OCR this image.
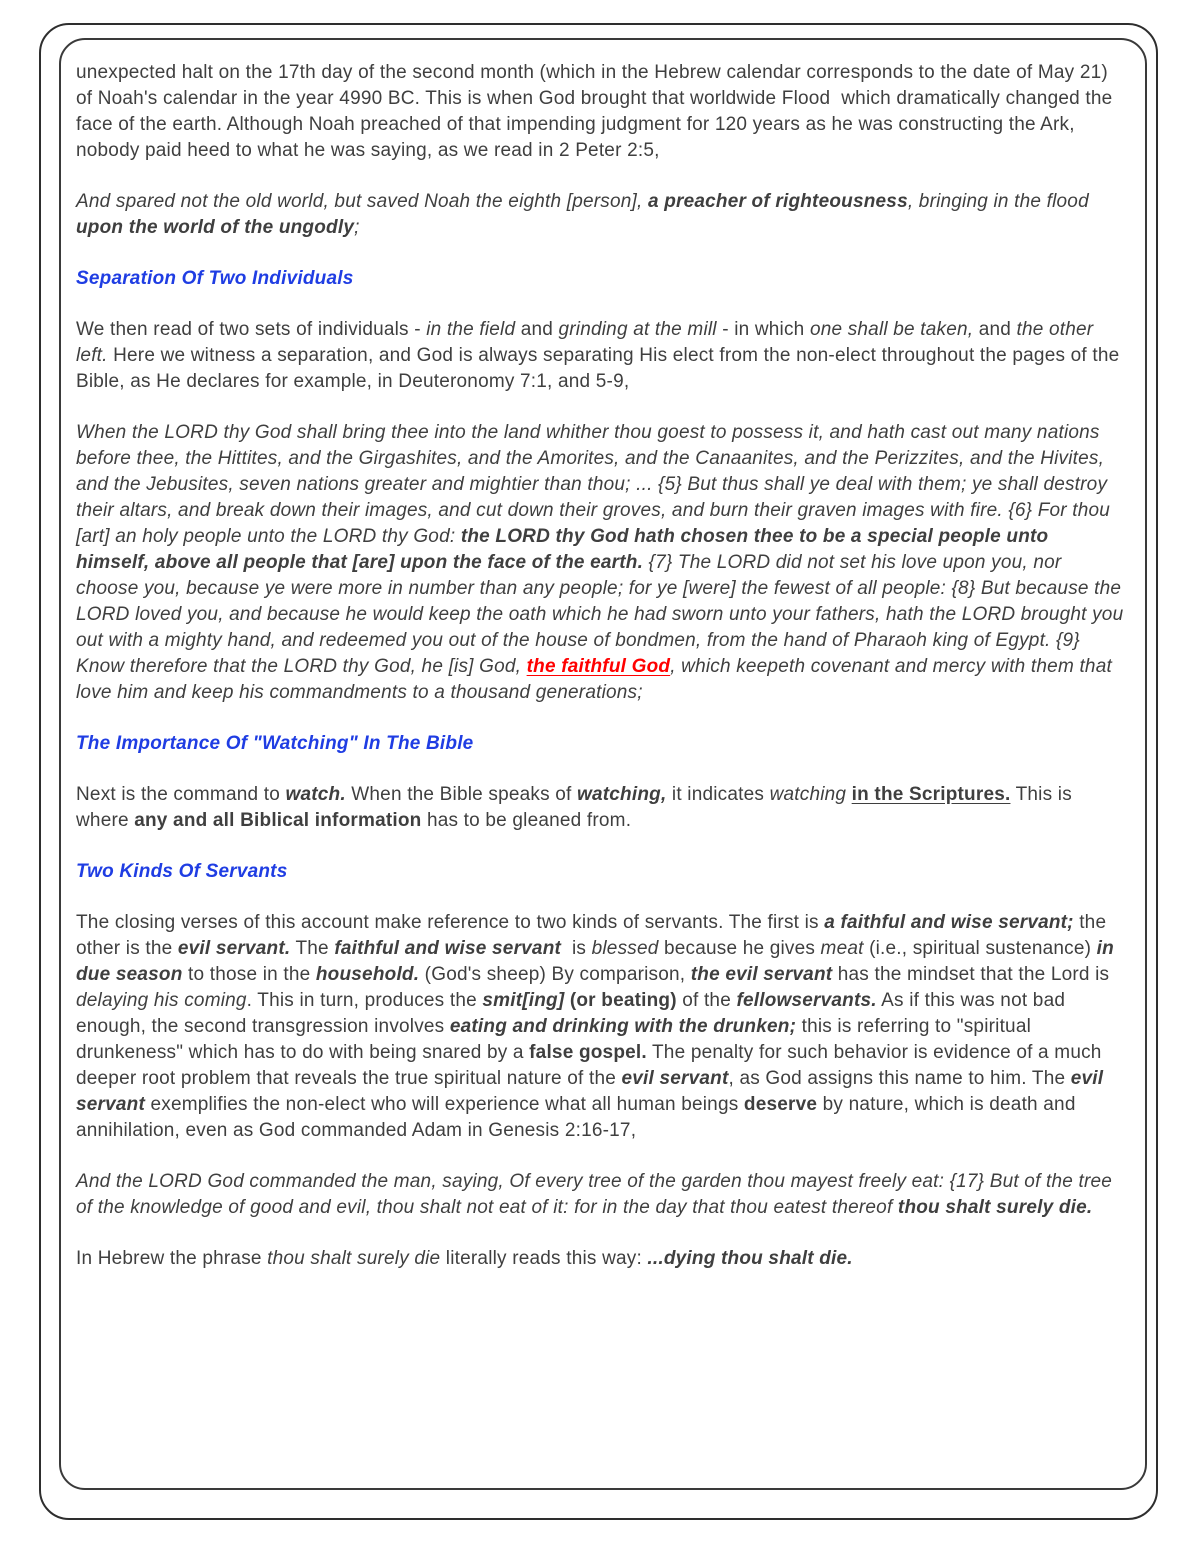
unexpected halt on the 17th day of the second month (which in the Hebrew calendar corresponds to the date of May 21) of Noah's calendar in the year 4990 BC. This is when God brought that worldwide Flood  which dramatically changed the face of the earth. Although Noah preached of that impending judgment for 120 years as he was constructing the Ark, nobody paid heed to what he was saying, as we read in 2 Peter 2:5,

And spared not the old world, but saved Noah the eighth [person], a preacher of righteousness, bringing in the flood upon the world of the ungodly;

Separation Of Two Individuals

We then read of two sets of individuals - in the field and grinding at the mill - in which one shall be taken, and the other left. Here we witness a separation, and God is always separating His elect from the non-elect throughout the pages of the Bible, as He declares for example, in Deuteronomy 7:1, and 5-9,

When the LORD thy God shall bring thee into the land whither thou goest to possess it, and hath cast out many nations before thee, the Hittites, and the Girgashites, and the Amorites, and the Canaanites, and the Perizzites, and the Hivites, and the Jebusites, seven nations greater and mightier than thou; ... {5} But thus shall ye deal with them; ye shall destroy their altars, and break down their images, and cut down their groves, and burn their graven images with fire. {6} For thou [art] an holy people unto the LORD thy God: the LORD thy God hath chosen thee to be a special people unto himself, above all people that [are] upon the face of the earth. {7} The LORD did not set his love upon you, nor choose you, because ye were more in number than any people; for ye [were] the fewest of all people: {8} But because the LORD loved you, and because he would keep the oath which he had sworn unto your fathers, hath the LORD brought you out with a mighty hand, and redeemed you out of the house of bondmen, from the hand of Pharaoh king of Egypt. {9} Know therefore that the LORD thy God, he [is] God, the faithful God, which keepeth covenant and mercy with them that love him and keep his commandments to a thousand generations;

The Importance Of "Watching" In The Bible

Next is the command to watch. When the Bible speaks of watching, it indicates watching in the Scriptures. This is where any and all Biblical information has to be gleaned from.

Two Kinds Of Servants

The closing verses of this account make reference to two kinds of servants. The first is a faithful and wise servant; the other is the evil servant. The faithful and wise servant  is blessed because he gives meat (i.e., spiritual sustenance) in due season to those in the household. (God's sheep) By comparison, the evil servant has the mindset that the Lord is delaying his coming. This in turn, produces the smit[ing] (or beating) of the fellowservants. As if this was not bad enough, the second transgression involves eating and drinking with the drunken; this is referring to "spiritual drunkeness" which has to do with being snared by a false gospel. The penalty for such behavior is evidence of a much deeper root problem that reveals the true spiritual nature of the evil servant, as God assigns this name to him. The evil servant exemplifies the non-elect who will experience what all human beings deserve by nature, which is death and annihilation, even as God commanded Adam in Genesis 2:16-17,

And the LORD God commanded the man, saying, Of every tree of the garden thou mayest freely eat: {17} But of the tree of the knowledge of good and evil, thou shalt not eat of it: for in the day that thou eatest thereof thou shalt surely die.

In Hebrew the phrase thou shalt surely die literally reads this way: ...dying thou shalt die.
